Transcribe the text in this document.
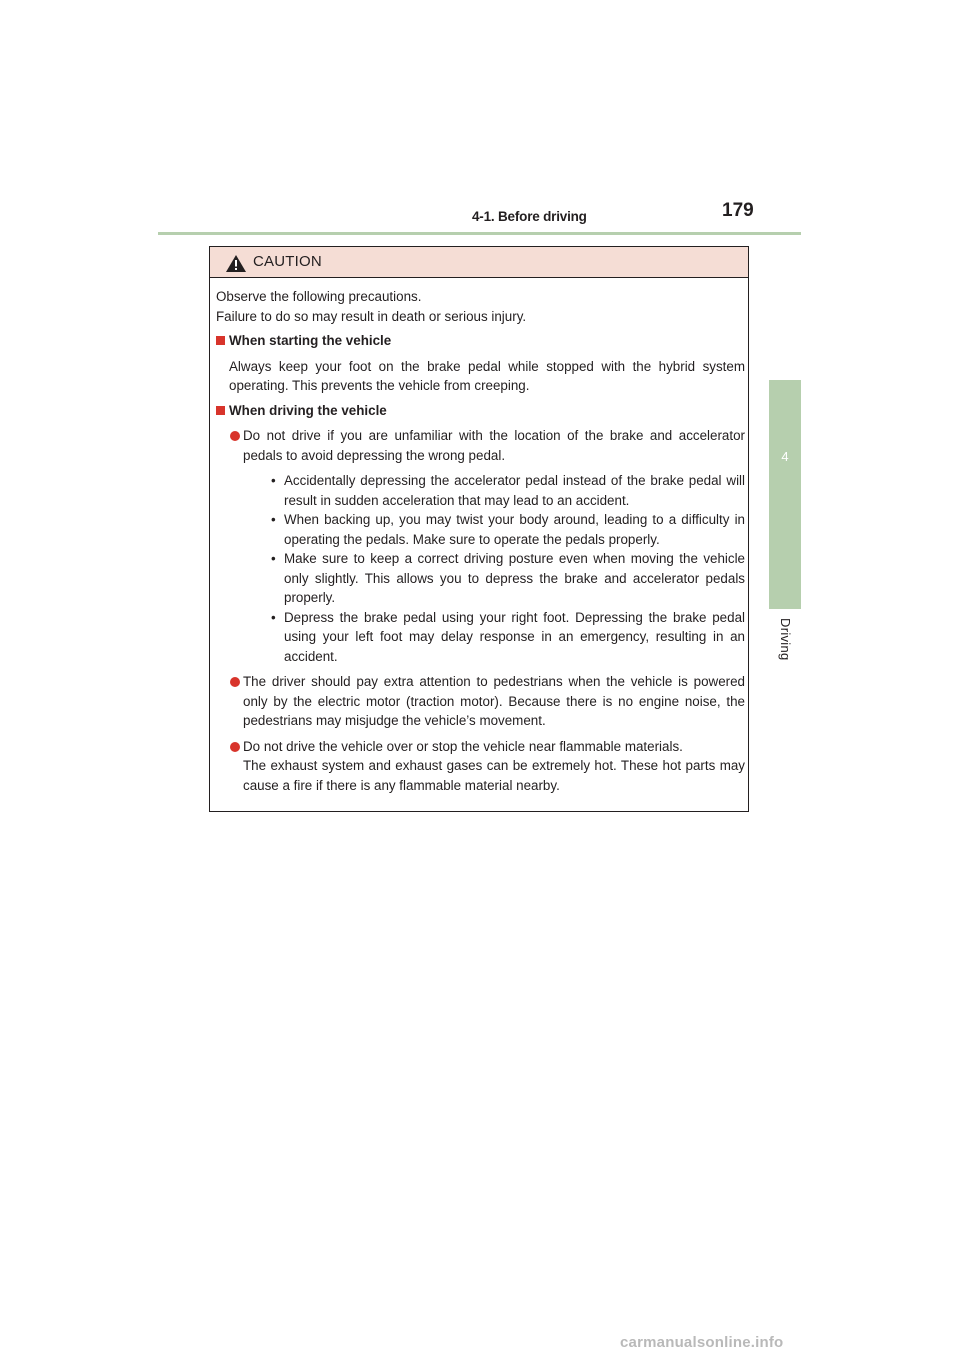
4-1. Before driving	179
4
Driving
CAUTION

Observe the following precautions.

Failure to do so may result in death or serious injury.

When starting the vehicle

Always keep your foot on the brake pedal while stopped with the hybrid system operating. This prevents the vehicle from creeping.

When driving the vehicle

Do not drive if you are unfamiliar with the location of the brake and accelerator pedals to avoid depressing the wrong pedal.
• Accidentally depressing the accelerator pedal instead of the brake pedal will result in sudden acceleration that may lead to an accident.
• When backing up, you may twist your body around, leading to a difficulty in operating the pedals. Make sure to operate the pedals properly.
• Make sure to keep a correct driving posture even when moving the vehicle only slightly. This allows you to depress the brake and accelerator pedals properly.
• Depress the brake pedal using your right foot. Depressing the brake pedal using your left foot may delay response in an emergency, resulting in an accident.
The driver should pay extra attention to pedestrians when the vehicle is powered only by the electric motor (traction motor). Because there is no engine noise, the pedestrians may misjudge the vehicle’s movement.

Do not drive the vehicle over or stop the vehicle near flammable materials.

The exhaust system and exhaust gases can be extremely hot. These hot parts may cause a fire if there is any flammable material nearby.

carmanualsonline.info
